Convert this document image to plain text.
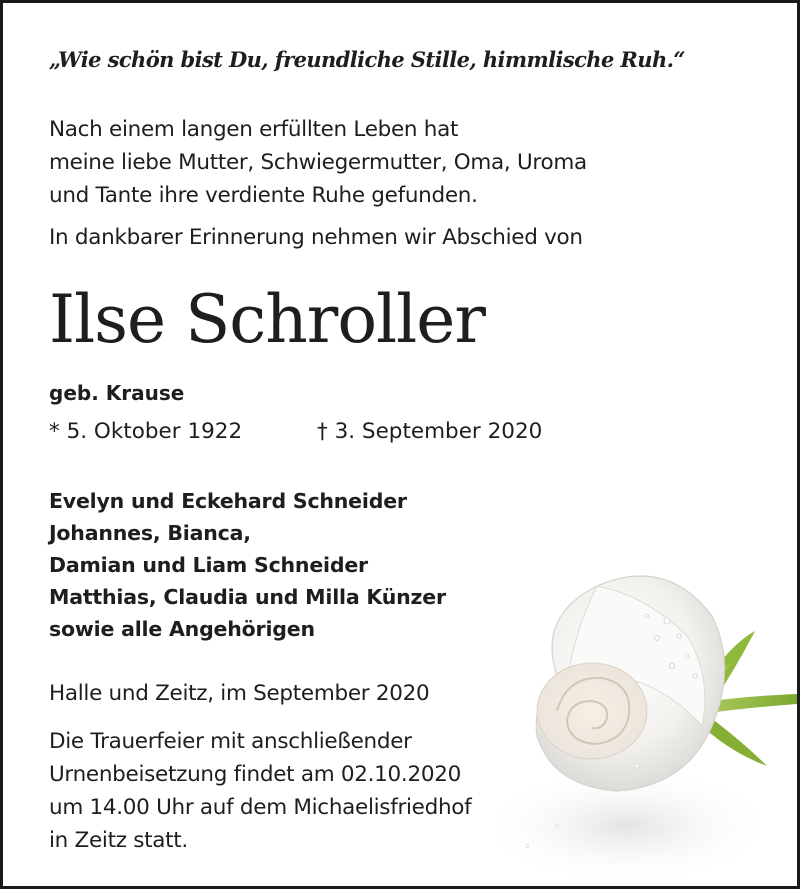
„Wie schön bist Du, freundliche Stille, himmlische Ruh.“
Nach einem langen erfüllten Leben hat
meine liebe Mutter, Schwiegermutter, Oma, Uroma
und Tante ihre verdiente Ruhe gefunden.
In dankbarer Erinnerung nehmen wir Abschied von
Ilse Schroller
geb. Krause
* 5. Oktober 1922	† 3. September 2020
Evelyn und Eckehard Schneider
Johannes, Bianca,
Damian und Liam Schneider
Matthias, Claudia und Milla Künzer
sowie alle Angehörigen
Halle und Zeitz, im September 2020
Die Trauerfeier mit anschließender
Urnenbeisetzung findet am 02.10.2020
um 14.00 Uhr auf dem Michaelisfriedhof
in Zeitz statt.
